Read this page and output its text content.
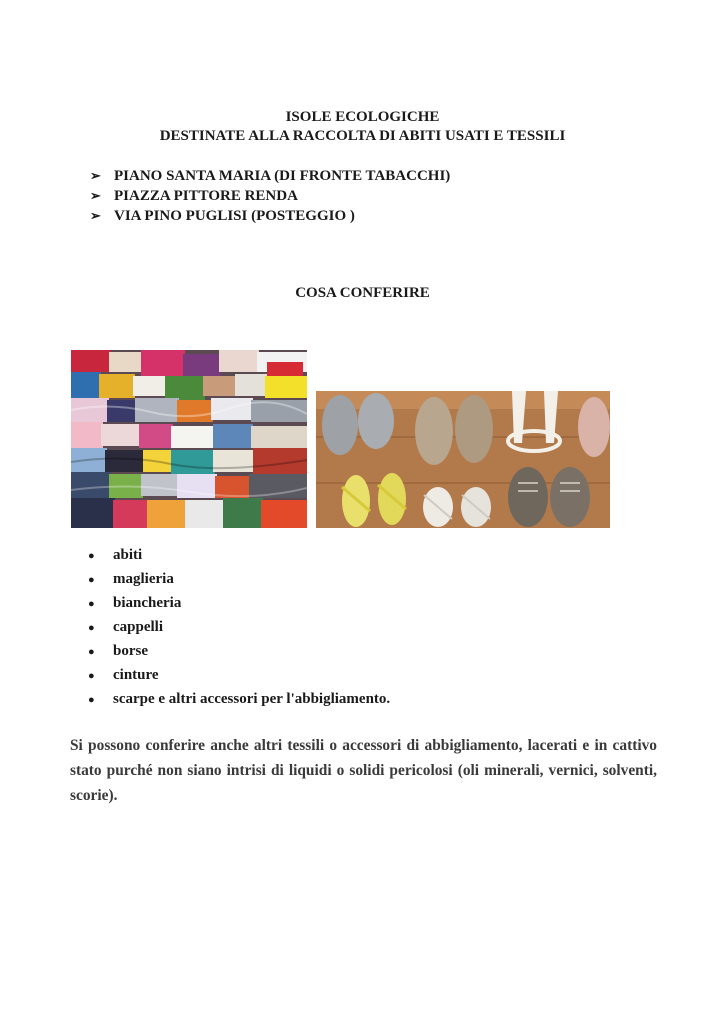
ISOLE ECOLOGICHE
DESTINATE ALLA RACCOLTA DI ABITI USATI E TESSILI
➢ PIANO SANTA MARIA (DI FRONTE TABACCHI)
➢ PIAZZA PITTORE RENDA
➢ VIA PINO PUGLISI (POSTEGGIO )
COSA CONFERIRE
● abiti
● maglieria
● biancheria
● cappelli
● borse
● cinture
● scarpe e altri accessori per l'abbigliamento.

Si possono conferire anche altri tessili o accessori di abbigliamento, lacerati e in cattivo stato purché non siano intrisi di liquidi o solidi pericolosi (oli minerali, vernici, solventi, scorie).
